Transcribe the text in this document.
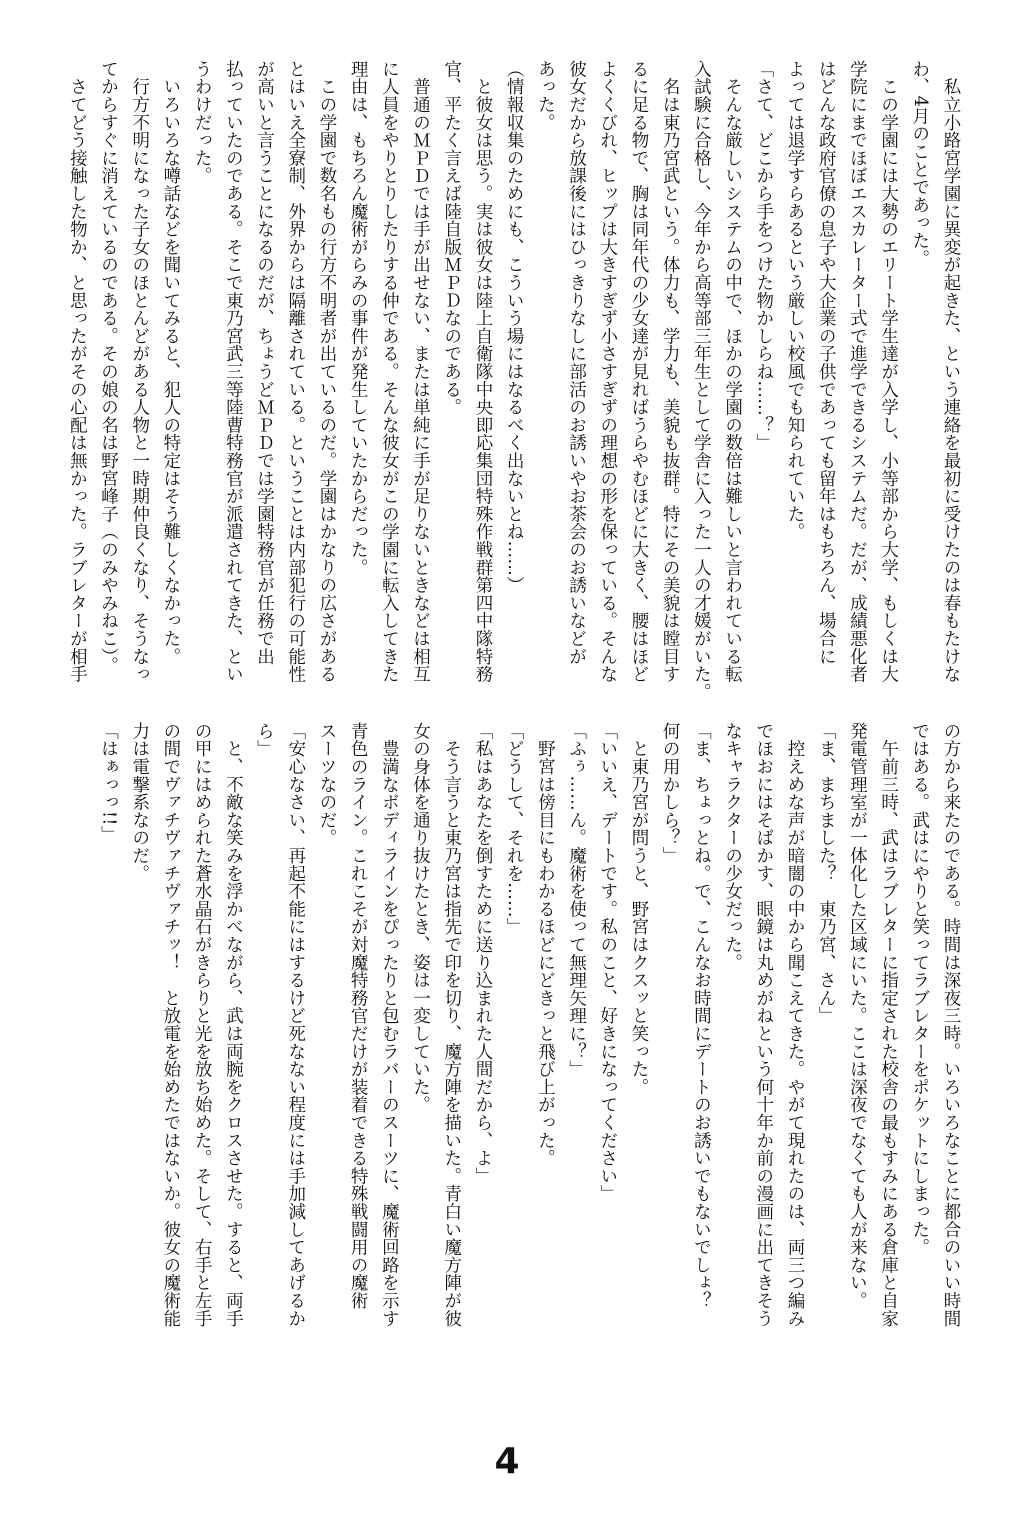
　私立小路宮学園に異変が起きた、という連絡を最初に受けたのは春もたけな
わ、4月のことであった。
　この学園には大勢のエリート学生達が入学し、小等部から大学、もしくは大
学院にまでほぼエスカレーター式で進学できるシステムだ。だが、成績悪化者
はどんな政府官僚の息子や大企業の子供であっても留年はもちろん、場合に
よっては退学すらあるという厳しい校風でも知られていた。
「さて、どこから手をつけた物かしらね……？」
　そんな厳しいシステムの中で、ほかの学園の数倍は難しいと言われている転
入試験に合格し、今年から高等部三年生として学舎に入った一人の才媛がいた。
　名は東乃宮武という。体力も、学力も、美貌も抜群。特にその美貌は瞠目す
るに足る物で、胸は同年代の少女達が見ればうらやむほどに大きく、腰はほど
よくくびれ、ヒップは大きすぎず小さすぎずの理想の形を保っている。そんな
彼女だから放課後にはひっきりなしに部活のお誘いやお茶会のお誘いなどが
あった。
（情報収集のためにも、こういう場にはなるべく出ないとね……）
　と彼女は思う。実は彼女は陸上自衛隊中央即応集団特殊作戦群第四中隊特務
官、平たく言えば陸自版ＭＰＤなのである。
　普通のＭＰＤでは手が出せない、または単純に手が足りないときなどは相互
に人員をやりとりしたりする仲である。そんな彼女がこの学園に転入してきた
理由は、もちろん魔術がらみの事件が発生していたからだった。
　この学園で数名もの行方不明者が出ているのだ。学園はかなりの広さがある
とはいえ全寮制、外界からは隔離されている。ということは内部犯行の可能性
が高いと言うことになるのだが、ちょうどＭＰＤでは学園特務官が任務で出
払っていたのである。そこで東乃宮武三等陸曹特務官が派遣されてきた、とい
うわけだった。
　いろいろな噂話などを聞いてみると、犯人の特定はそう難しくなかった。
　行方不明になった子女のほとんどがある人物と一時期仲良くなり、そうなっ
てからすぐに消えているのである。その娘の名は野宮峰子（のみやみねこ）。
　さてどう接触した物か、と思ったがその心配は無かった。ラブレターが相手
の方から来たのである。時間は深夜三時。いろいろなことに都合のいい時間
ではある。武はにやりと笑ってラブレターをポケットにしまった。
　午前三時、武はラブレターに指定された校舎の最もすみにある倉庫と自家
発電管理室が一体化した区域にいた。ここは深夜でなくても人が来ない。
「ま、まちました？　東乃宮、さん」
　控えめな声が暗闇の中から聞こえてきた。やがて現れたのは、両三つ編み
でほおにはそばかす、眼鏡は丸めがねという何十年か前の漫画に出てきそう
なキャラクターの少女だった。
「ま、ちょっとね。で、こんなお時間にデートのお誘いでもないでしょ？
何の用かしら？」
　と東乃宮が問うと、野宮はクスッと笑った。
「いいえ、デートです。私のこと、好きになってください」
「ふぅ……ん。魔術を使って無理矢理に？」
　野宮は傍目にもわかるほどにどきっと飛び上がった。
「どうして、それを……」
「私はあなたを倒すために送り込まれた人間だから、よ」
　そう言うと東乃宮は指先で印を切り、魔方陣を描いた。青白い魔方陣が彼
女の身体を通り抜けたとき、姿は一変していた。
　豊満なボディラインをぴったりと包むラバーのスーツに、魔術回路を示す
青色のライン。これこそが対魔特務官だけが装着できる特殊戦闘用の魔術
スーツなのだ。
「安心なさい、再起不能にはするけど死なない程度には手加減してあげるか
ら」
　と、不敵な笑みを浮かべながら、武は両腕をクロスさせた。すると、両手
の甲にはめられた蒼水晶石がきらりと光を放ち始めた。そして、右手と左手
の間でヴァチヴァチヴァチッ！　と放電を始めたではないか。彼女の魔術能
力は電撃系なのだ。
「はぁっっ!!」
4
